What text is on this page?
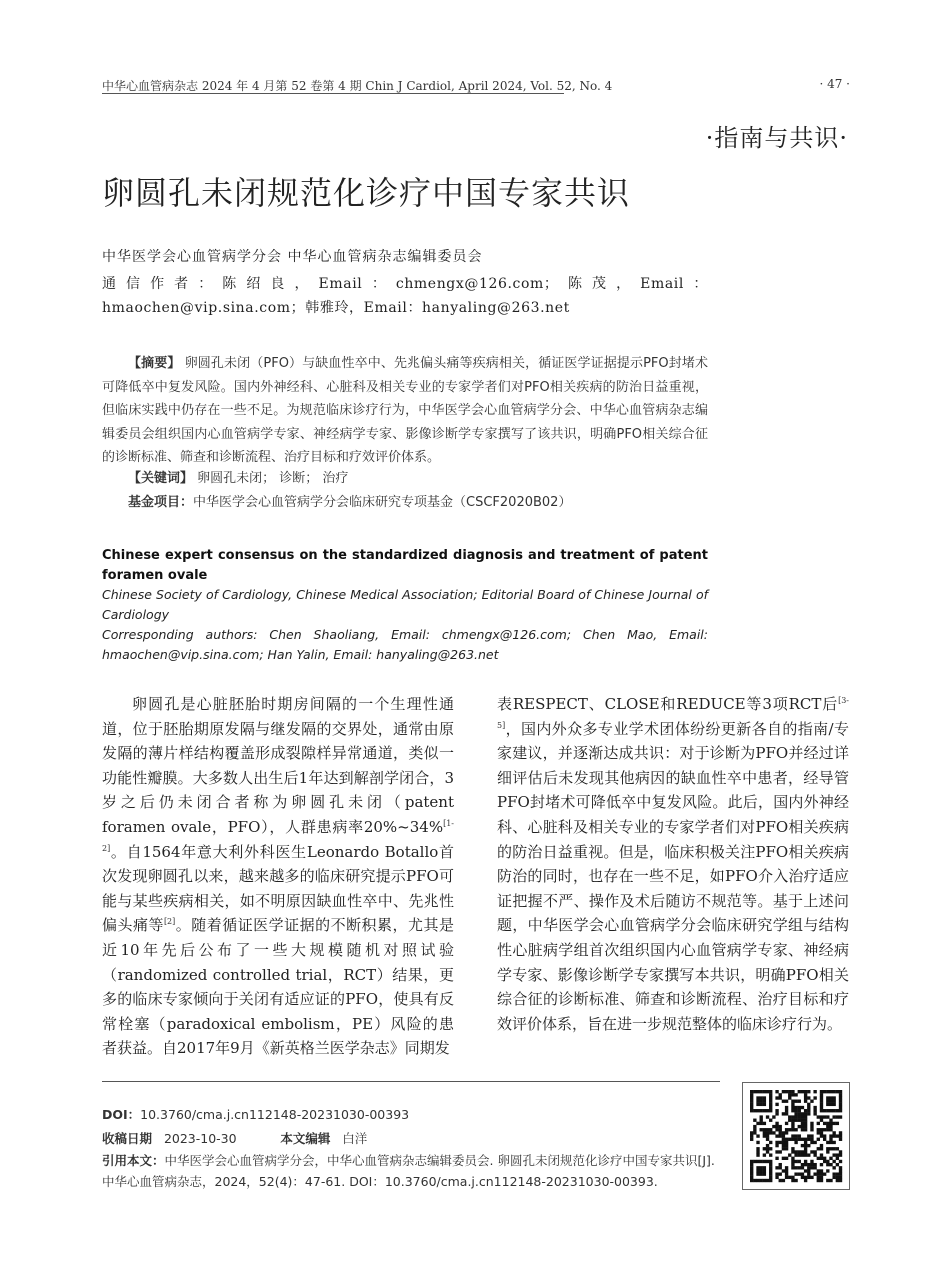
中华心血管病杂志 2024 年 4 月第 52 卷第 4 期 Chin J Cardiol, April 2024, Vol. 52, No. 4	· 47 ·
·指南与共识·
卵圆孔未闭规范化诊疗中国专家共识
中华医学会心血管病学分会 中华心血管病杂志编辑委员会
通信作者：陈绍良，Email：chmengx@126.com；陈茂，Email：hmaochen@vip.sina.com；韩雅玲，Email：hanyaling@263.net
【摘要】 卵圆孔未闭（PFO）与缺血性卒中、先兆偏头痛等疾病相关，循证医学证据提示PFO封堵术可降低卒中复发风险。国内外神经科、心脏科及相关专业的专家学者们对PFO相关疾病的防治日益重视，但临床实践中仍存在一些不足。为规范临床诊疗行为，中华医学会心血管病学分会、中华心血管病杂志编辑委员会组织国内心血管病学专家、神经病学专家、影像诊断学专家撰写了该共识，明确PFO相关综合征的诊断标准、筛查和诊断流程、治疗目标和疗效评价体系。
【关键词】 卵圆孔未闭； 诊断； 治疗
基金项目：中华医学会心血管病学分会临床研究专项基金（CSCF2020B02）
Chinese expert consensus on the standardized diagnosis and treatment of patent foramen ovale
Chinese Society of Cardiology, Chinese Medical Association; Editorial Board of Chinese Journal of Cardiology
Corresponding authors: Chen Shaoliang, Email: chmengx@126.com; Chen Mao, Email: hmaochen@vip.sina.com; Han Yalin, Email: hanyaling@263.net
卵圆孔是心脏胚胎时期房间隔的一个生理性通道，位于胚胎期原发隔与继发隔的交界处，通常由原发隔的薄片样结构覆盖形成裂隙样异常通道，类似一功能性瓣膜。大多数人出生后1年达到解剖学闭合，3岁之后仍未闭合者称为卵圆孔未闭（patent foramen ovale，PFO），人群患病率20%~34%[1-2]。自1564年意大利外科医生Leonardo Botallo首次发现卵圆孔以来，越来越多的临床研究提示PFO可能与某些疾病相关，如不明原因缺血性卒中、先兆性偏头痛等[2]。随着循证医学证据的不断积累，尤其是近10年先后公布了一些大规模随机对照试验（randomized controlled trial，RCT）结果，更多的临床专家倾向于关闭有适应证的PFO，使具有反常栓塞（paradoxical embolism，PE）风险的患者获益。自2017年9月《新英格兰医学杂志》同期发
表RESPECT、CLOSE和REDUCE等3项RCT后[3-5]，国内外众多专业学术团体纷纷更新各自的指南/专家建议，并逐渐达成共识：对于诊断为PFO并经过详细评估后未发现其他病因的缺血性卒中患者，经导管PFO封堵术可降低卒中复发风险。此后，国内外神经科、心脏科及相关专业的专家学者们对PFO相关疾病的防治日益重视。但是，临床积极关注PFO相关疾病防治的同时，也存在一些不足，如PFO介入治疗适应证把握不严、操作及术后随访不规范等。基于上述问题，中华医学会心血管病学分会临床研究学组与结构性心脏病学组首次组织国内心血管病学专家、神经病学专家、影像诊断学专家撰写本共识，明确PFO相关综合征的诊断标准、筛查和诊断流程、治疗目标和疗效评价体系，旨在进一步规范整体的临床诊疗行为。
DOI：10.3760/cma.j.cn112148-20231030-00393
收稿日期 2023-10-30	本文编辑 白洋
引用本文：中华医学会心血管病学分会，中华心血管病杂志编辑委员会. 卵圆孔未闭规范化诊疗中国专家共识[J]. 中华心血管病杂志，2024，52(4)：47-61. DOI：10.3760/cma.j.cn112148-20231030-00393.
